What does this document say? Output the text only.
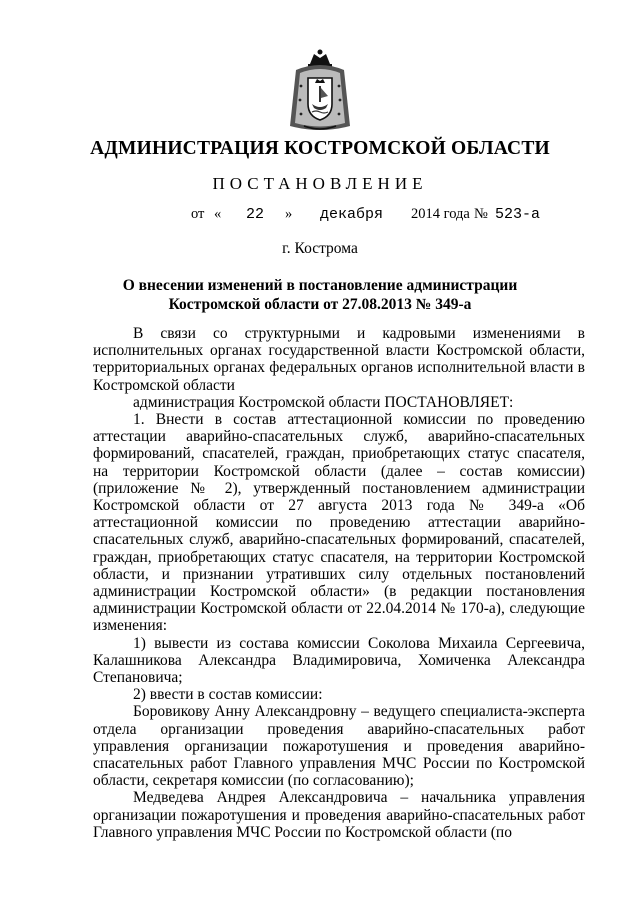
АДМИНИСТРАЦИЯ КОСТРОМСКОЙ ОБЛАСТИ
ПОСТАНОВЛЕНИЕ
от « 22 » декабря 2014 года № 523-а
г. Кострома
О внесении изменений в постановление администрации Костромской области от 27.08.2013 № 349-а

В связи со структурными и кадровыми изменениями в исполнительных органах государственной власти Костромской области, территориальных органах федеральных органов исполнительной власти в Костромской области

администрация Костромской области ПОСТАНОВЛЯЕТ:

1. Внести в состав аттестационной комиссии по проведению аттестации аварийно-спасательных служб, аварийно-спасательных формирований, спасателей, граждан, приобретающих статус спасателя, на территории Костромской области (далее – состав комиссии) (приложение № 2), утвержденный постановлением администрации Костромской области от 27 августа 2013 года № 349-а «Об аттестационной комиссии по проведению аттестации аварийно-спасательных служб, аварийно-спасательных формирований, спасателей, граждан, приобретающих статус спасателя, на территории Костромской области, и признании утративших силу отдельных постановлений администрации Костромской области» (в редакции постановления администрации Костромской области от 22.04.2014 № 170-а), следующие изменения:

1) вывести из состава комиссии Соколова Михаила Сергеевича, Калашникова Александра Владимировича, Хомиченка Александра Степановича;

2) ввести в состав комиссии:

Боровикову Анну Александровну – ведущего специалиста-эксперта отдела организации проведения аварийно-спасательных работ управления организации пожаротушения и проведения аварийно-спасательных работ Главного управления МЧС России по Костромской области, секретаря комиссии (по согласованию);

Медведева Андрея Александровича – начальника управления организации пожаротушения и проведения аварийно-спасательных работ Главного управления МЧС России по Костромской области (по
